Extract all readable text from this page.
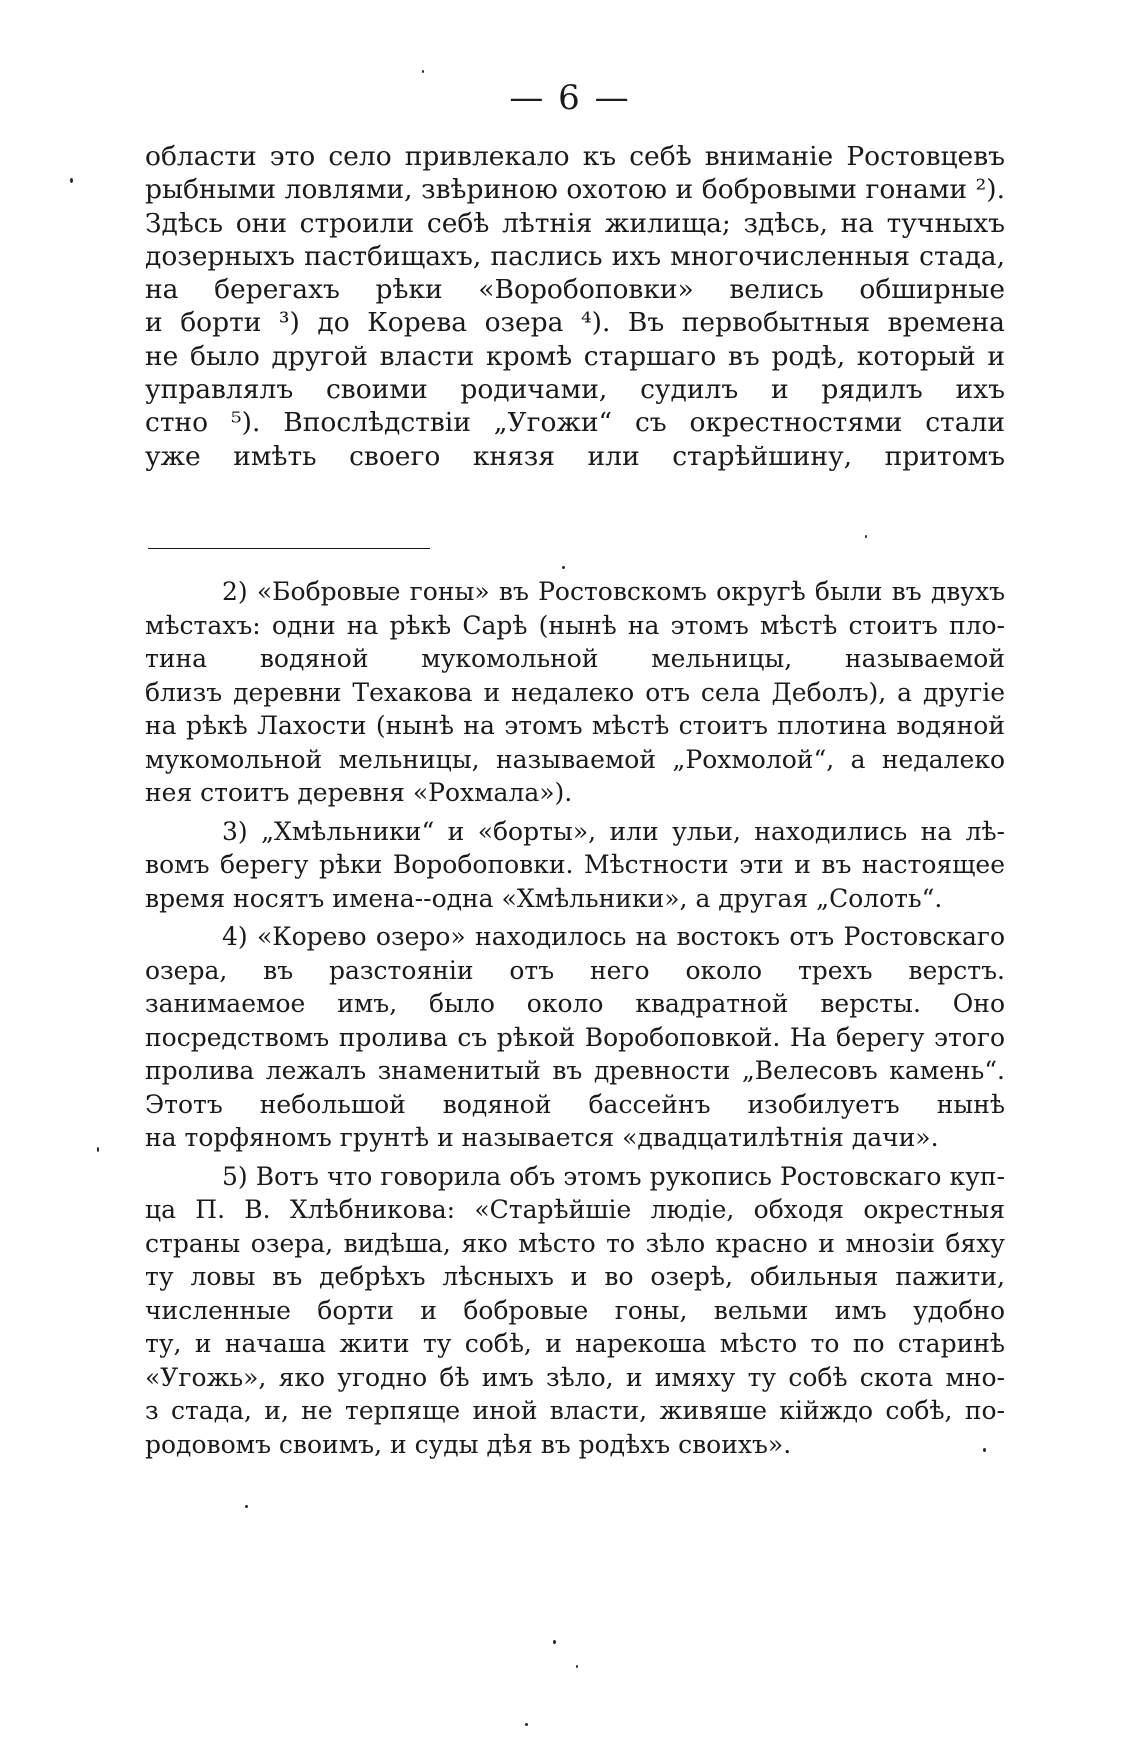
— 6 —
области это село привлекало къ себѣ вниманіе Ростовцевъ
рыбными ловлями, звѣриною охотою и бобровыми гонами ²).
Здѣсь они строили себѣ лѣтнія жилища; здѣсь, на тучныхъ
дозерныхъ пастбищахъ, паслись ихъ многочисленныя стада,
на берегахъ рѣки «Воробоповки» велись обширные
и борти ³) до Корева озера ⁴). Въ первобытныя времена
не было другой власти кромѣ старшаго въ родѣ, который и
управлялъ своими родичами, судилъ и рядилъ ихъ
стно ⁵). Впослѣдствіи „Угожи“ съ окрестностями стали
уже имѣть своего князя или старѣйшину, притомъ
2) «Бобровые гоны» въ Ростовскомъ округѣ были въ двухъ
мѣстахъ: одни на рѣкѣ Сарѣ (нынѣ на этомъ мѣстѣ стоитъ пло-
тина водяной мукомольной мельницы, называемой
близъ деревни Техакова и недалеко отъ села Деболъ), а другіе
на рѣкѣ Лахости (нынѣ на этомъ мѣстѣ стоитъ плотина водяной
мукомольной мельницы, называемой „Рохмолой“, а недалеко
нея стоитъ деревня «Рохмала»).
3) „Хмѣльники“ и «борты», или ульи, находились на лѣ-
вомъ берегу рѣки Воробоповки. Мѣстности эти и въ настоящее
время носятъ имена--одна «Хмѣльники», а другая „Солоть“.
4) «Корево озеро» находилось на востокъ отъ Ростовскаго
озера, въ разстояніи отъ него около трехъ верстъ.
занимаемое имъ, было около квадратной версты. Оно
посредствомъ пролива съ рѣкой Воробоповкой. На берегу этого
пролива лежалъ знаменитый въ древности „Велесовъ камень“.
Этотъ небольшой водяной бассейнъ изобилуетъ нынѣ
на торфяномъ грунтѣ и называется «двадцатилѣтнія дачи».
5) Вотъ что говорила объ этомъ рукопись Ростовскаго куп-
ца П. В. Хлѣбникова: «Старѣйшіе людіе, обходя окрестныя
страны озера, видѣша, яко мѣсто то зѣло красно и мнозіи бяху
ту ловы въ дебрѣхъ лѣсныхъ и во озерѣ, обильныя пажити,
численные борти и бобровые гоны, вельми имъ удобно
ту, и начаша жити ту собѣ, и нарекоша мѣсто то по старинѣ
«Угожь», яко угодно бѣ имъ зѣло, и имяху ту собѣ скота мно-
з стада, и, не терпяще иной власти, живяше кійждо собѣ, по-
родовомъ своимъ, и суды дѣя въ родѣхъ своихъ».
